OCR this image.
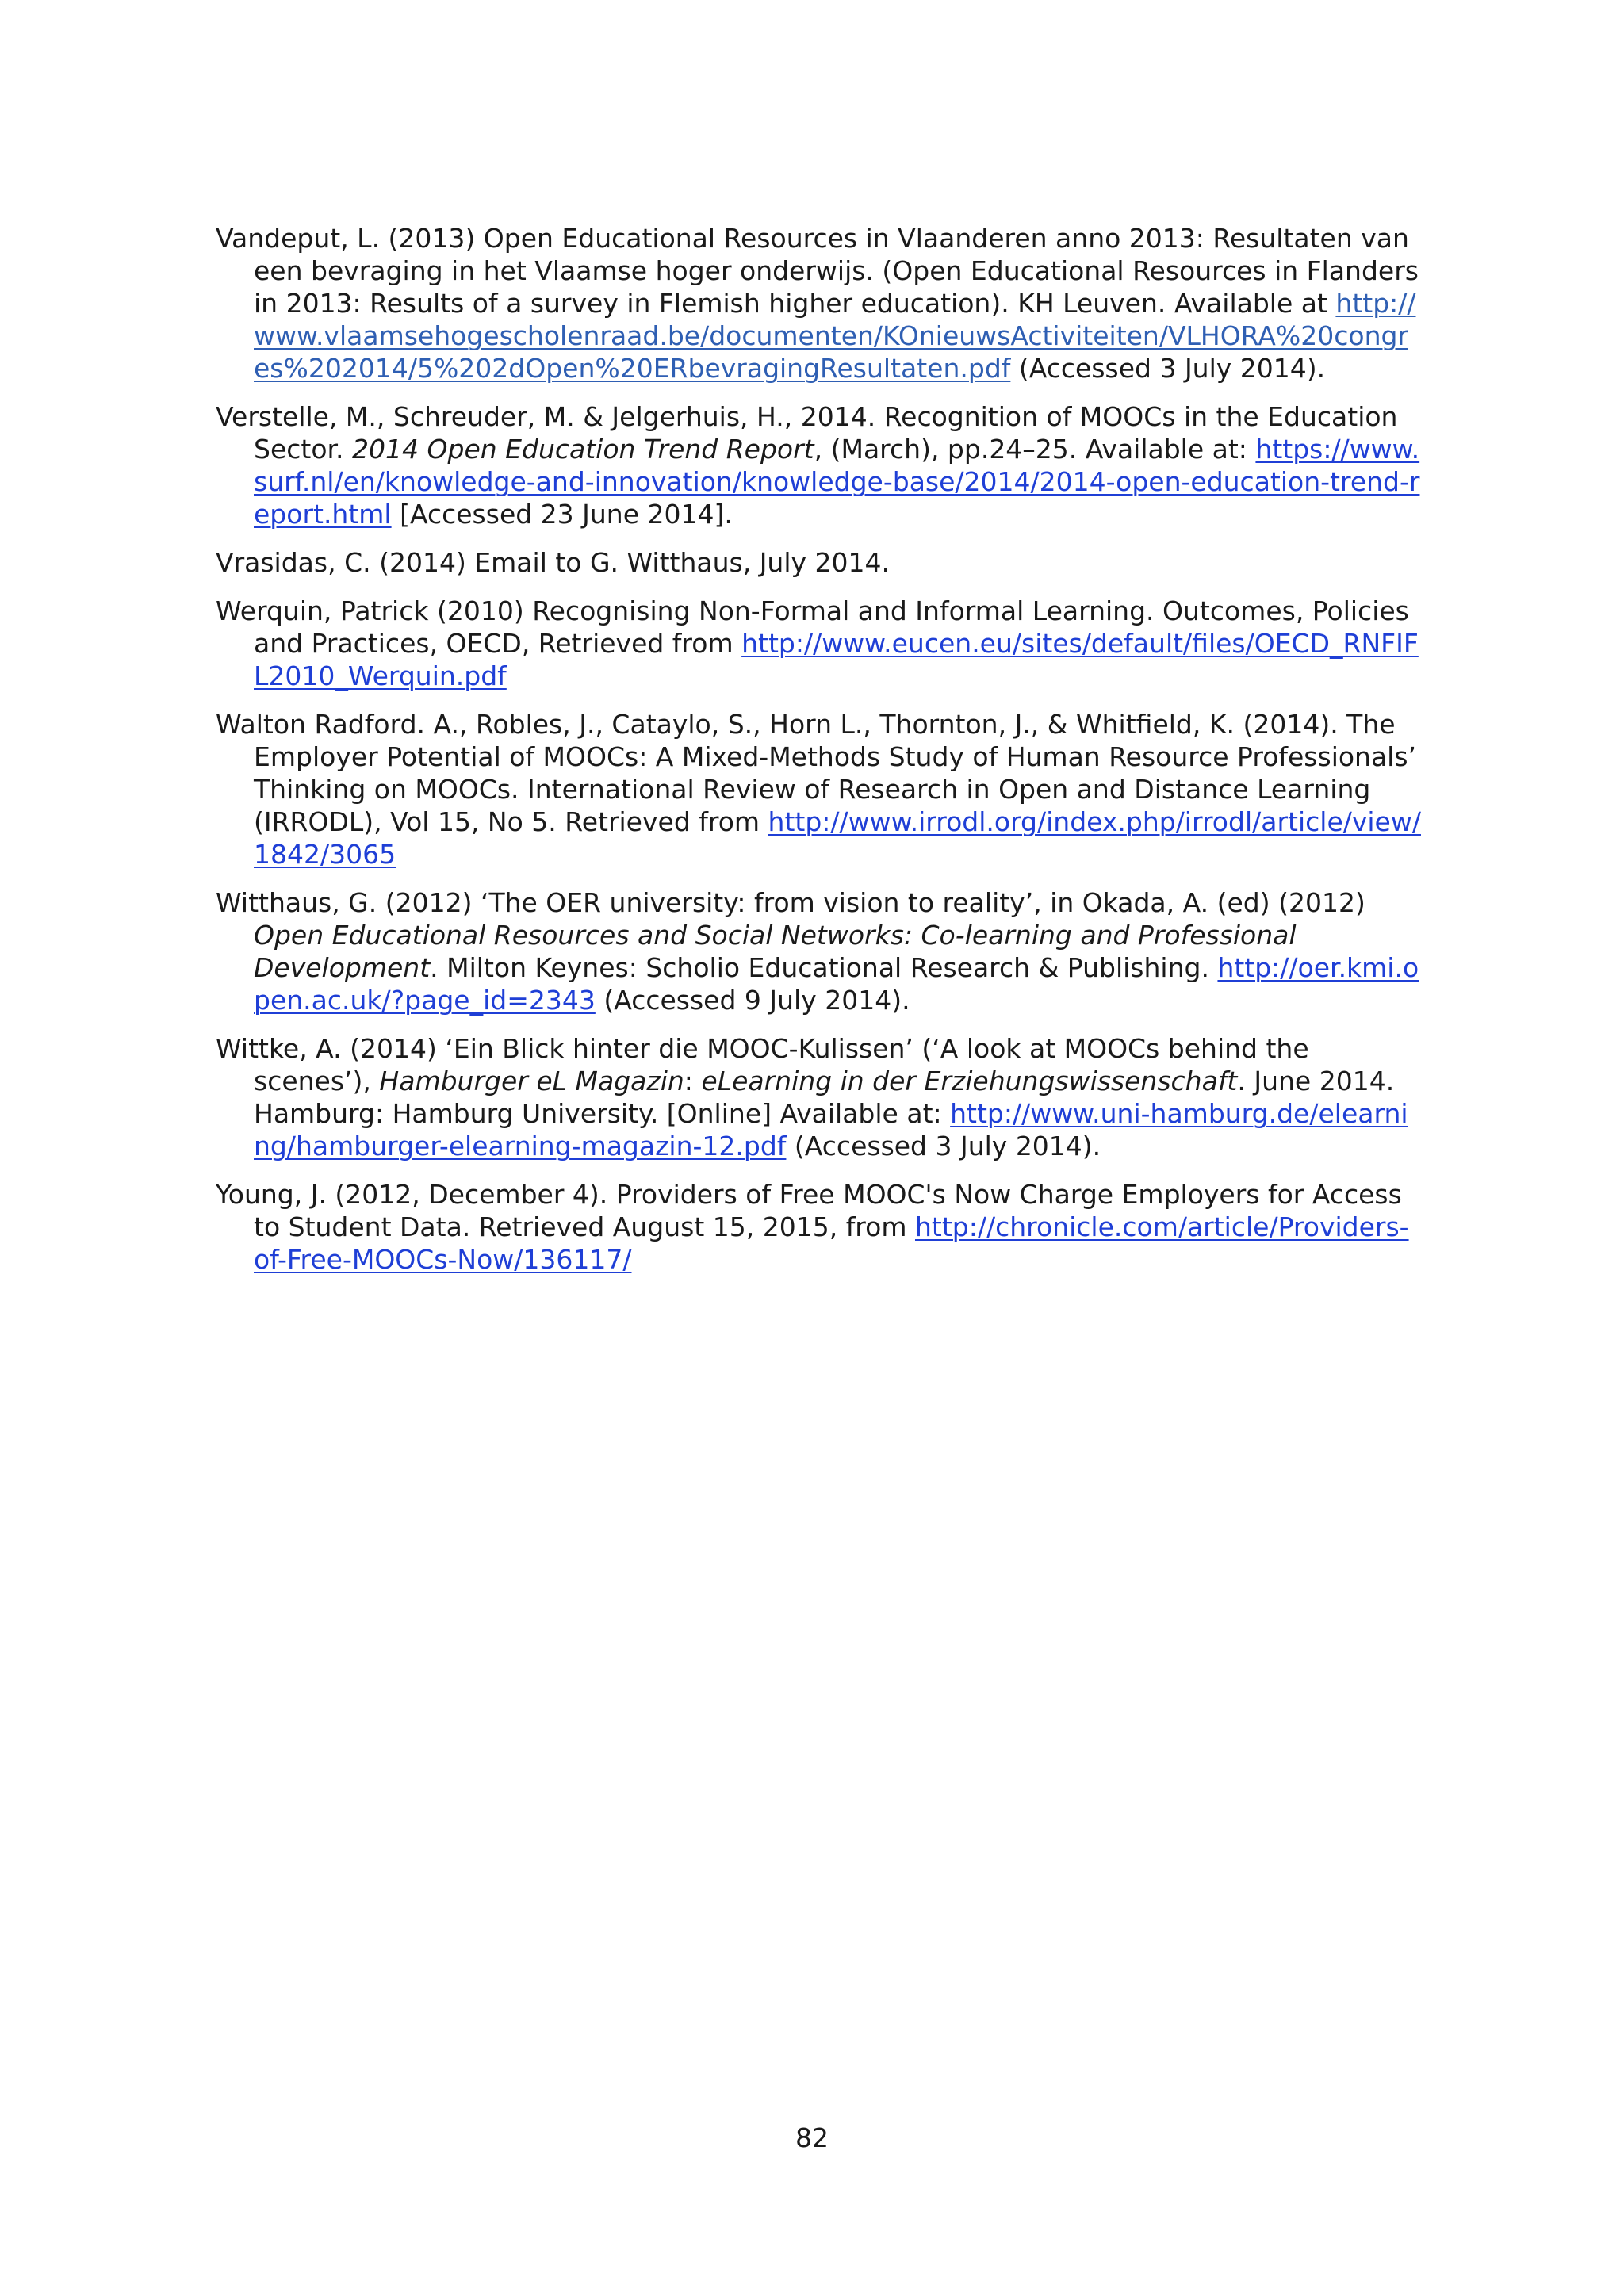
Vandeput, L. (2013) Open Educational Resources in Vlaanderen anno 2013: Resultaten van een bevraging in het Vlaamse hoger onderwijs. (Open Educational Resources in Flanders in 2013: Results of a survey in Flemish higher education). KH Leuven. Available at http://www.vlaamsehogescholenraad.be/documenten/KOnieuwsActiviteiten/VLHORA%20congres%202014/5%202dOpen%20ERbevragingResultaten.pdf (Accessed 3 July 2014).
Verstelle, M., Schreuder, M. & Jelgerhuis, H., 2014. Recognition of MOOCs in the Education Sector. 2014 Open Education Trend Report, (March), pp.24–25. Available at: https://www.surf.nl/en/knowledge-and-innovation/knowledge-base/2014/2014-open-education-trend-report.html [Accessed 23 June 2014].
Vrasidas, C. (2014) Email to G. Witthaus, July 2014.
Werquin, Patrick (2010) Recognising Non-Formal and Informal Learning. Outcomes, Policies and Practices, OECD, Retrieved from http://www.eucen.eu/sites/default/files/OECD_RNFIFL2010_Werquin.pdf
Walton Radford. A., Robles, J., Cataylo, S., Horn L., Thornton, J., & Whitfield, K. (2014). The Employer Potential of MOOCs: A Mixed-Methods Study of Human Resource Professionals’ Thinking on MOOCs. International Review of Research in Open and Distance Learning (IRRODL), Vol 15, No 5. Retrieved from http://www.irrodl.org/index.php/irrodl/article/view/1842/3065
Witthaus, G. (2012) ‘The OER university: from vision to reality’, in Okada, A. (ed) (2012) Open Educational Resources and Social Networks: Co-learning and Professional Development. Milton Keynes: Scholio Educational Research & Publishing. http://oer.kmi.open.ac.uk/?page_id=2343 (Accessed 9 July 2014).
Wittke, A. (2014) ‘Ein Blick hinter die MOOC-Kulissen’ (‘A look at MOOCs behind the scenes’), Hamburger eL Magazin: eLearning in der Erziehungswissenschaft. June 2014. Hamburg: Hamburg University. [Online] Available at: http://www.uni-hamburg.de/elearning/hamburger-elearning-magazin-12.pdf (Accessed 3 July 2014).
Young, J. (2012, December 4). Providers of Free MOOC's Now Charge Employers for Access to Student Data. Retrieved August 15, 2015, from http://chronicle.com/article/Providers-of-Free-MOOCs-Now/136117/
82
